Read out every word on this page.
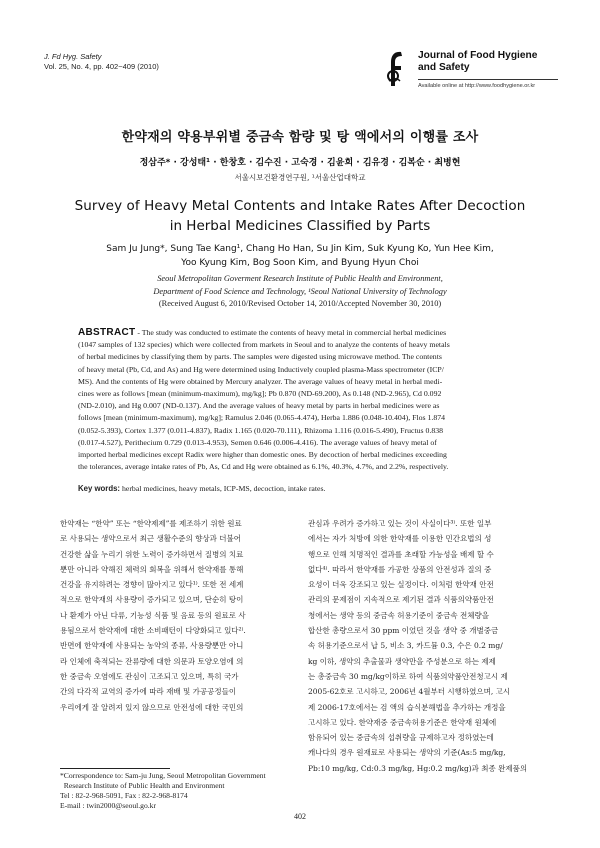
J. Fd Hyg. Safety
Vol. 25, No. 4, pp. 402~409 (2010)
Journal of Food Hygiene
and Safety
Available online at http://www.foodhygiene.or.kr
한약재의 약용부위별 중금속 함량 및 탕 액에서의 이행률 조사
정삼주* · 강성태¹ · 한창호 · 김수진 · 고숙경 · 김윤희 · 김유경 · 김복순 · 최병현
서울시보건환경연구원, ¹서울산업대학교
Survey of Heavy Metal Contents and Intake Rates After Decoction
in Herbal Medicines Classified by Parts
Sam Ju Jung*, Sung Tae Kang¹, Chang Ho Han, Su Jin Kim, Suk Kyung Ko, Yun Hee Kim,
Yoo Kyung Kim, Bog Soon Kim, and Byung Hyun Choi
Seoul Metropolitan Goverment Research Institute of Public Health and Environment,
Department of Food Science and Technology, ¹Seoul National University of Technology
(Received August 6, 2010/Revised October 14, 2010/Accepted November 30, 2010)
ABSTRACT - The study was conducted to estimate the contents of heavy metal in commercial herbal medicines
(1047 samples of 132 species) which were collected from markets in Seoul and to analyze the contents of heavy metals
of herbal medicines by classifying them by parts. The samples were digested using microwave method. The contents
of heavy metal (Pb, Cd, and As) and Hg were determined using Inductively coupled plasma-Mass spectrometer (ICP/
MS). And the contents of Hg were obtained by Mercury analyzer. The average values of heavy metal in herbal medi-
cines were as follows [mean (minimum-maximum), mg/kg]; Pb 0.870 (ND-69.200), As 0.148 (ND-2.965), Cd 0.092
(ND-2.010), and Hg 0.007 (ND-0.137). And the average values of heavy metal by parts in herbal medicines were as
follows [mean (minimum-maximum), mg/kg]; Ramulus 2.046 (0.065-4.474), Herba 1.886 (0.048-10.404), Flos 1.874
(0.052-5.393), Cortex 1.377 (0.011-4.837), Radix 1.165 (0.020-70.111), Rhizoma 1.116 (0.016-5.490), Fructus 0.838
(0.017-4.527), Perithecium 0.729 (0.013-4.953), Semen 0.646 (0.006-4.416). The average values of heavy metal of
imported herbal medicines except Radix were higher than domestic ones. By decoction of herbal medicines exceeding
the tolerances, average intake rates of Pb, As, Cd and Hg were obtained as 6.1%, 40.3%, 4.7%, and 2.2%, respectively.
Key words: herbal medicines, heavy metals, ICP-MS, decoction, intake rates.
한약재는 “한약” 또는 “한약제제”를 제조하기 위한 원료
로 사용되는 생약으로서 최근 생활수준의 향상과 더불어
건강한 삶을 누리기 위한 노력이 증가하면서 질병의 치료
뿐만 아니라 약해진 체력의 회복을 위해서 한약재를 통해
건강을 유지하려는 경향이 많아지고 있다¹⁾. 또한 전 세계
적으로 한약재의 사용량이 증가되고 있으며, 단순히 탕이
나 환제가 아닌 다류, 기능성 식품 및 음료 등의 원료로 사
용됨으로서 한약재에 대한 소비패턴이 다양화되고 있다²⁾.
반면에 한약재에 사용되는 농약의 종류, 사용량뿐만 아니
라 인체에 축적되는 잔류량에 대한 의문과 토양오염에 의
한 중금속 오염에도 관심이 고조되고 있으며, 특히 국가
간의 다각적 교역의 증가에 따라 재배 및 가공공정들이
우리에게 잘 알려져 있지 않으므로 안전성에 대한 국민의
관심과 우려가 증가하고 있는 것이 사실이다³⁾. 또한 일부
에서는 자가 처방에 의한 한약재를 이용한 민간요법의 성
행으로 인해 치명적인 결과를 초래할 가능성을 배제 할 수
없다⁴⁾. 따라서 한약재를 가공한 상품의 안전성과 질의 중
요성이 더욱 강조되고 있는 실정이다. 이처럼 한약재 안전
관리의 문제점이 지속적으로 제기된 결과 식품의약품안전
청에서는 생약 등의 중금속 허용기준이 중금속 전체량을
합산한 총량으로서 30 ppm 이었던 것을 생약 중 개별중금
속 허용기준으로서 납 5, 비소 3, 카드뮴 0.3, 수은 0.2 mg/
kg 이하, 생약의 추출물과 생약만을 주성분으로 하는 제제
는 총중금속 30 mg/kg이하로 하여 식품의약품안전청고시 제
2005-62호로 고시하고, 2006년 4월부터 시행하였으며, 고시
제 2006-17호에서는 검 액의 습식분해법을 추가하는 개정을
고시하고 있다. 한약재중 중금속허용기준은 한약재 원체에
함유되어 있는 중금속의 섭취량을 규제하고자 정하였는데
캐나다의 경우 원재료로 사용되는 생약의 기준(As:5 mg/kg,
Pb:10 mg/kg, Cd:0.3 mg/kg, Hg:0.2 mg/kg)과 최종 완제품의
*Correspondence to: Sam-ju Jung, Seoul Metropolitan Government
Research Institute of Public Health and Environment
Tel : 82-2-968-5091, Fax : 82-2-968-8174
E-mail : twin2000@seoul.go.kr
402
